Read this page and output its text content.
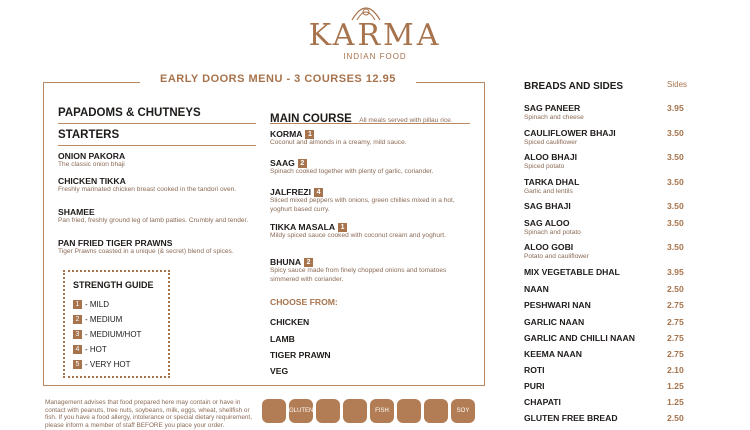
KARMA
INDIAN FOOD
EARLY DOORS MENU - 3 COURSES 12.95
PAPADOMS & CHUTNEYS
STARTERS
ONION PAKORA
The classic onion bhaji
CHICKEN TIKKA
Freshly marinated chicken breast cooked in the tandori oven.
SHAMEE
Pan fried, freshly ground leg of lamb patties. Crumbly and tender.
PAN FRIED TIGER PRAWNS
Tiger Prawns coasted in a unique (& secret) blend of spices.
STRENGTH GUIDE
1 - MILD
2 - MEDIUM
3 - MEDIUM/HOT
4 - HOT
5 - VERY HOT
MAIN COURSE All meals served with pillau rice.
KORMA 1
Coconut and almonds in a creamy, mild sauce.
SAAG 2
Spinach cooked together with plenty of garlic, coriander.
JALFREZI 4
Sliced mixed peppers with onions, green chillies mixed in a hot, yoghurt based curry.
TIKKA MASALA 1
Mildy spiced sauce cooked with coconut cream and yoghurt.
BHUNA 2
Spicy sauce made from finely chopped onions and tomatoes simmered with coriander.
CHOOSE FROM:
CHICKEN
LAMB
TIGER PRAWN
VEG
BREADS AND SIDES	Sides
SAG PANEER
Spinach and cheese
3.95
CAULIFLOWER BHAJI
Spiced cauliflower
3.50
ALOO BHAJI
Spiced potato
3.50
TARKA DHAL
Garlic and lentils
3.50
SAG BHAJI	3.50
SAG ALOO
Spinach and potato
3.50
ALOO GOBI
Potato and cauliflower
3.50
MIX VEGETABLE DHAL	3.95
NAAN	2.50
PESHWARI NAN	2.75
GARLIC NAAN	2.75
GARLIC AND CHILLI NAAN	2.75
KEEMA NAAN	2.75
ROTI	2.10
PURI	1.25
CHAPATI	1.25
GLUTEN FREE BREAD	2.50
Management advises that food prepared here may contain or have in contact with peanuts, tree nuts, soybeans, milk, eggs, wheat, shellfish or fish. If you have a food allergy, intolerance or special dietary requirement, please inform a member of staff BEFORE you place your order.
GLUTEN	FISH	SOY
